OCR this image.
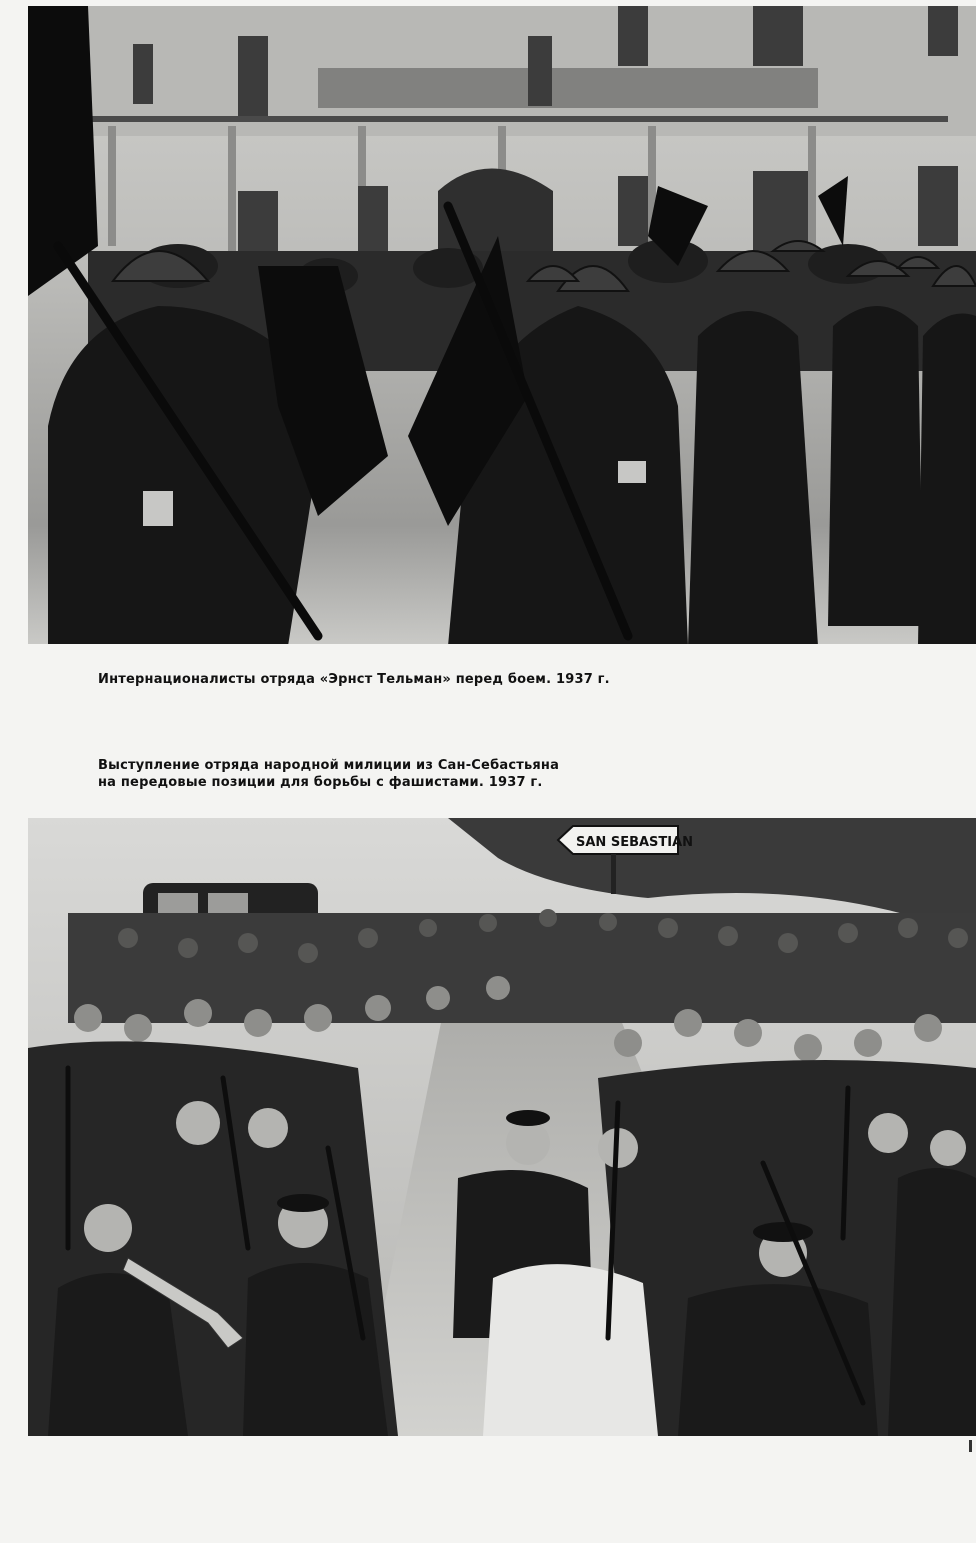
Интернационалисты отряда «Эрнст Тельман» перед боем. 1937 г.

Выступление отряда народной милиции из Сан-Себастьяна
на передовые позиции для борьбы с фашистами. 1937 г.

SAN SEBASTIAN
